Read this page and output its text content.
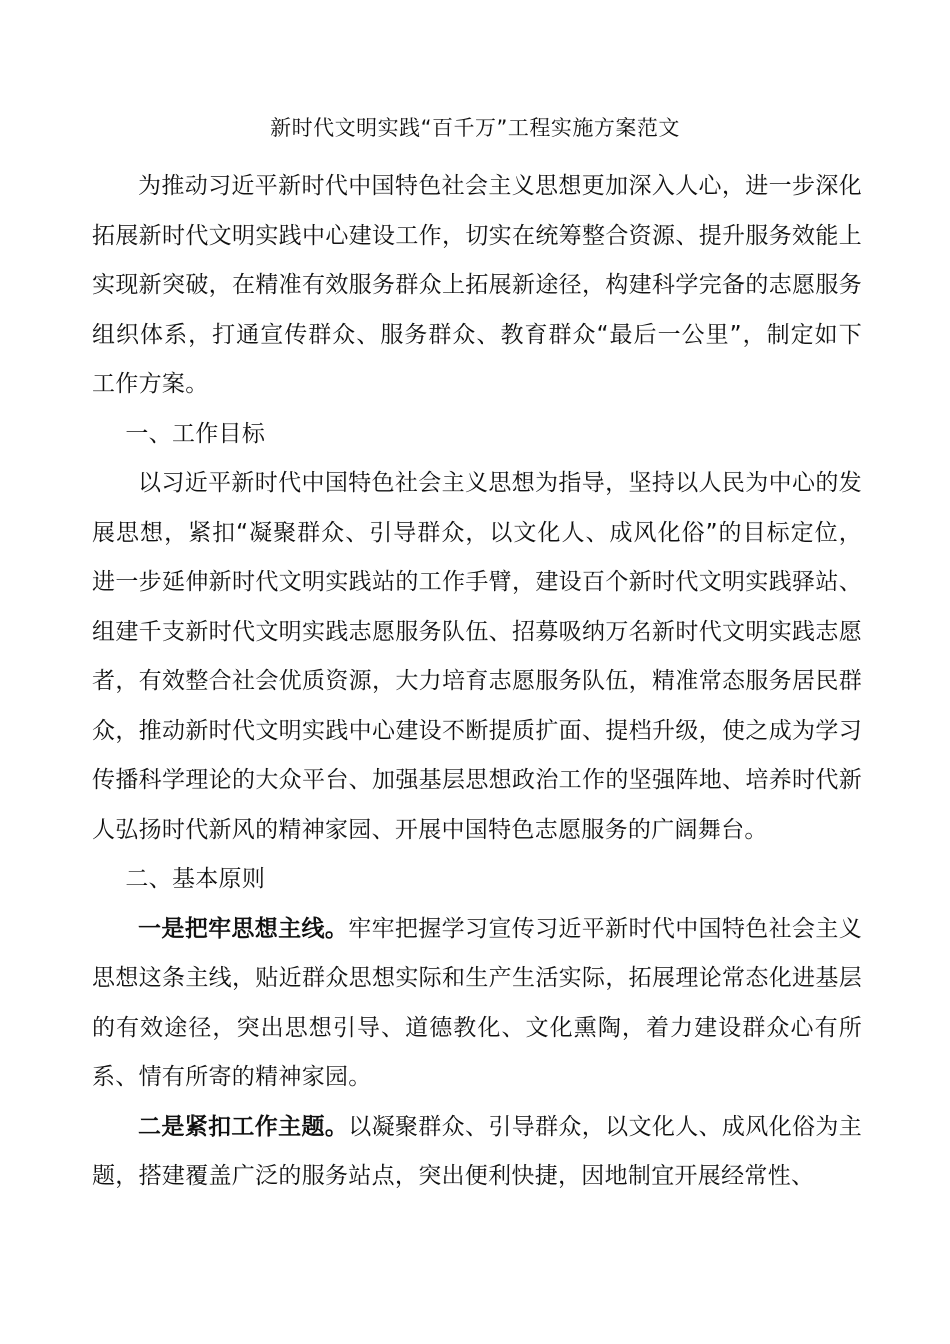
新时代文明实践“百千万”工程实施方案范文

为推动习近平新时代中国特色社会主义思想更加深入人心，进一步深化拓展新时代文明实践中心建设工作，切实在统筹整合资源、提升服务效能上实现新突破，在精准有效服务群众上拓展新途径，构建科学完备的志愿服务组织体系，打通宣传群众、服务群众、教育群众“最后一公里”，制定如下工作方案。

一、工作目标

以习近平新时代中国特色社会主义思想为指导，坚持以人民为中心的发展思想，紧扣“凝聚群众、引导群众，以文化人、成风化俗”的目标定位，进一步延伸新时代文明实践站的工作手臂，建设百个新时代文明实践驿站、组建千支新时代文明实践志愿服务队伍、招募吸纳万名新时代文明实践志愿者，有效整合社会优质资源，大力培育志愿服务队伍，精准常态服务居民群众，推动新时代文明实践中心建设不断提质扩面、提档升级，使之成为学习传播科学理论的大众平台、加强基层思想政治工作的坚强阵地、培养时代新人弘扬时代新风的精神家园、开展中国特色志愿服务的广阔舞台。

二、基本原则

一是把牢思想主线。牢牢把握学习宣传习近平新时代中国特色社会主义思想这条主线，贴近群众思想实际和生产生活实际，拓展理论常态化进基层的有效途径，突出思想引导、道德教化、文化熏陶，着力建设群众心有所系、情有所寄的精神家园。

二是紧扣工作主题。以凝聚群众、引导群众，以文化人、成风化俗为主题，搭建覆盖广泛的服务站点，突出便利快捷，因地制宜开展经常性、
